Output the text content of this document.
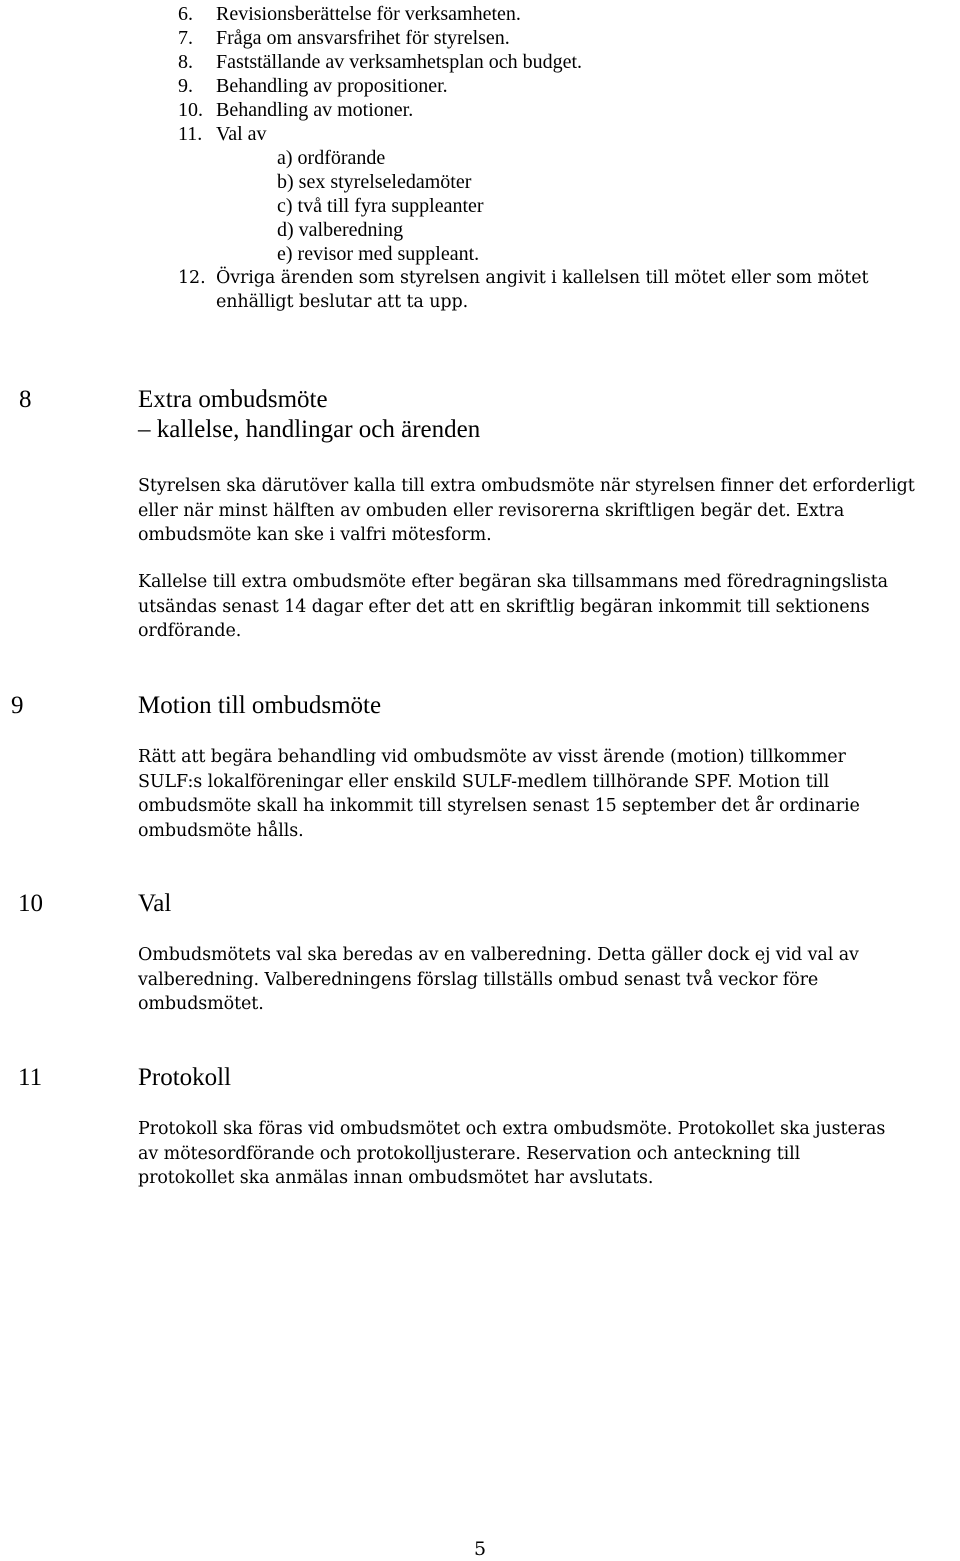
6. Revisionsberättelse för verksamheten.
7. Fråga om ansvarsfrihet för styrelsen.
8. Fastställande av verksamhetsplan och budget.
9. Behandling av propositioner.
10. Behandling av motioner.
11. Val av
a) ordförande
b) sex styrelseledamöter
c) två till fyra suppleanter
d) valberedning
e) revisor med suppleant.
12. Övriga ärenden som styrelsen angivit i kallelsen till mötet eller som mötet
enhälligt beslutar att ta upp.
8	Extra ombudsmöte
– kallelse, handlingar och ärenden
Styrelsen ska därutöver kalla till extra ombudsmöte när styrelsen finner det erforderligt
eller när minst hälften av ombuden eller revisorerna skriftligen begär det. Extra
ombudsmöte kan ske i valfri mötesform.
Kallelse till extra ombudsmöte efter begäran ska tillsammans med föredragningslista
utsändas senast 14 dagar efter det att en skriftlig begäran inkommit till sektionens
ordförande.
9	Motion till ombudsmöte
Rätt att begära behandling vid ombudsmöte av visst ärende (motion) tillkommer
SULF:s lokalföreningar eller enskild SULF-medlem tillhörande SPF. Motion till
ombudsmöte skall ha inkommit till styrelsen senast 15 september det år ordinarie
ombudsmöte hålls.
10	Val
Ombudsmötets val ska beredas av en valberedning. Detta gäller dock ej vid val av
valberedning. Valberedningens förslag tillställs ombud senast två veckor före
ombudsmötet.
11	Protokoll
Protokoll ska föras vid ombudsmötet och extra ombudsmöte. Protokollet ska justeras
av mötesordförande och protokolljusterare. Reservation och anteckning till
protokollet ska anmälas innan ombudsmötet har avslutats.
5
